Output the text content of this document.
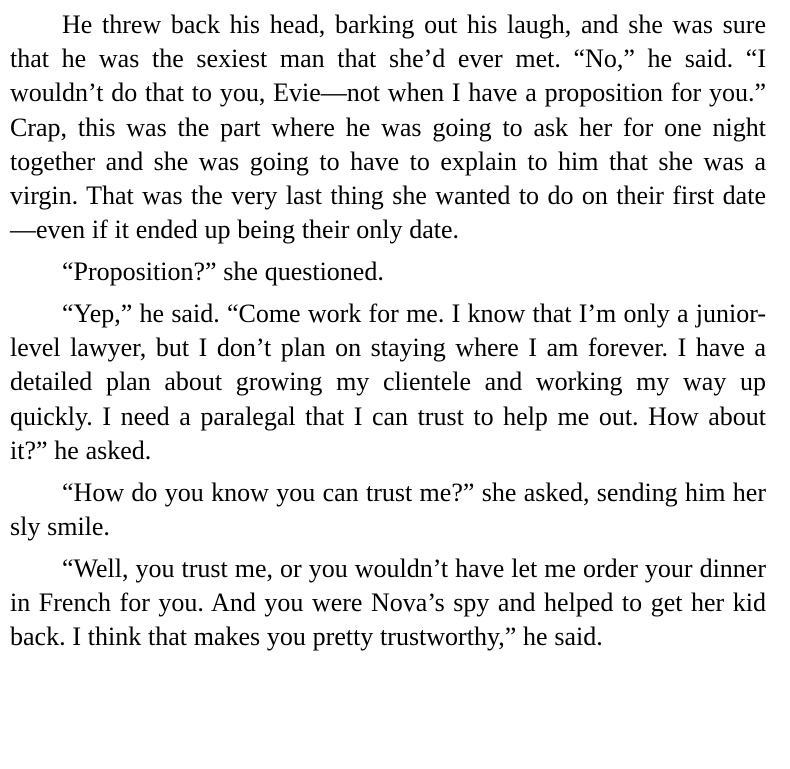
He threw back his head, barking out his laugh, and she was sure that he was the sexiest man that she’d ever met. “No,” he said. “I wouldn’t do that to you, Evie—not when I have a proposition for you.” Crap, this was the part where he was going to ask her for one night together and she was going to have to explain to him that she was a virgin. That was the very last thing she wanted to do on their first date—even if it ended up being their only date.

“Proposition?” she questioned.

“Yep,” he said. “Come work for me. I know that I’m only a junior-level lawyer, but I don’t plan on staying where I am forever. I have a detailed plan about growing my clientele and working my way up quickly. I need a paralegal that I can trust to help me out. How about it?” he asked.

“How do you know you can trust me?” she asked, sending him her sly smile.

“Well, you trust me, or you wouldn’t have let me order your dinner in French for you. And you were Nova’s spy and helped to get her kid back. I think that makes you pretty trustworthy,” he said.
